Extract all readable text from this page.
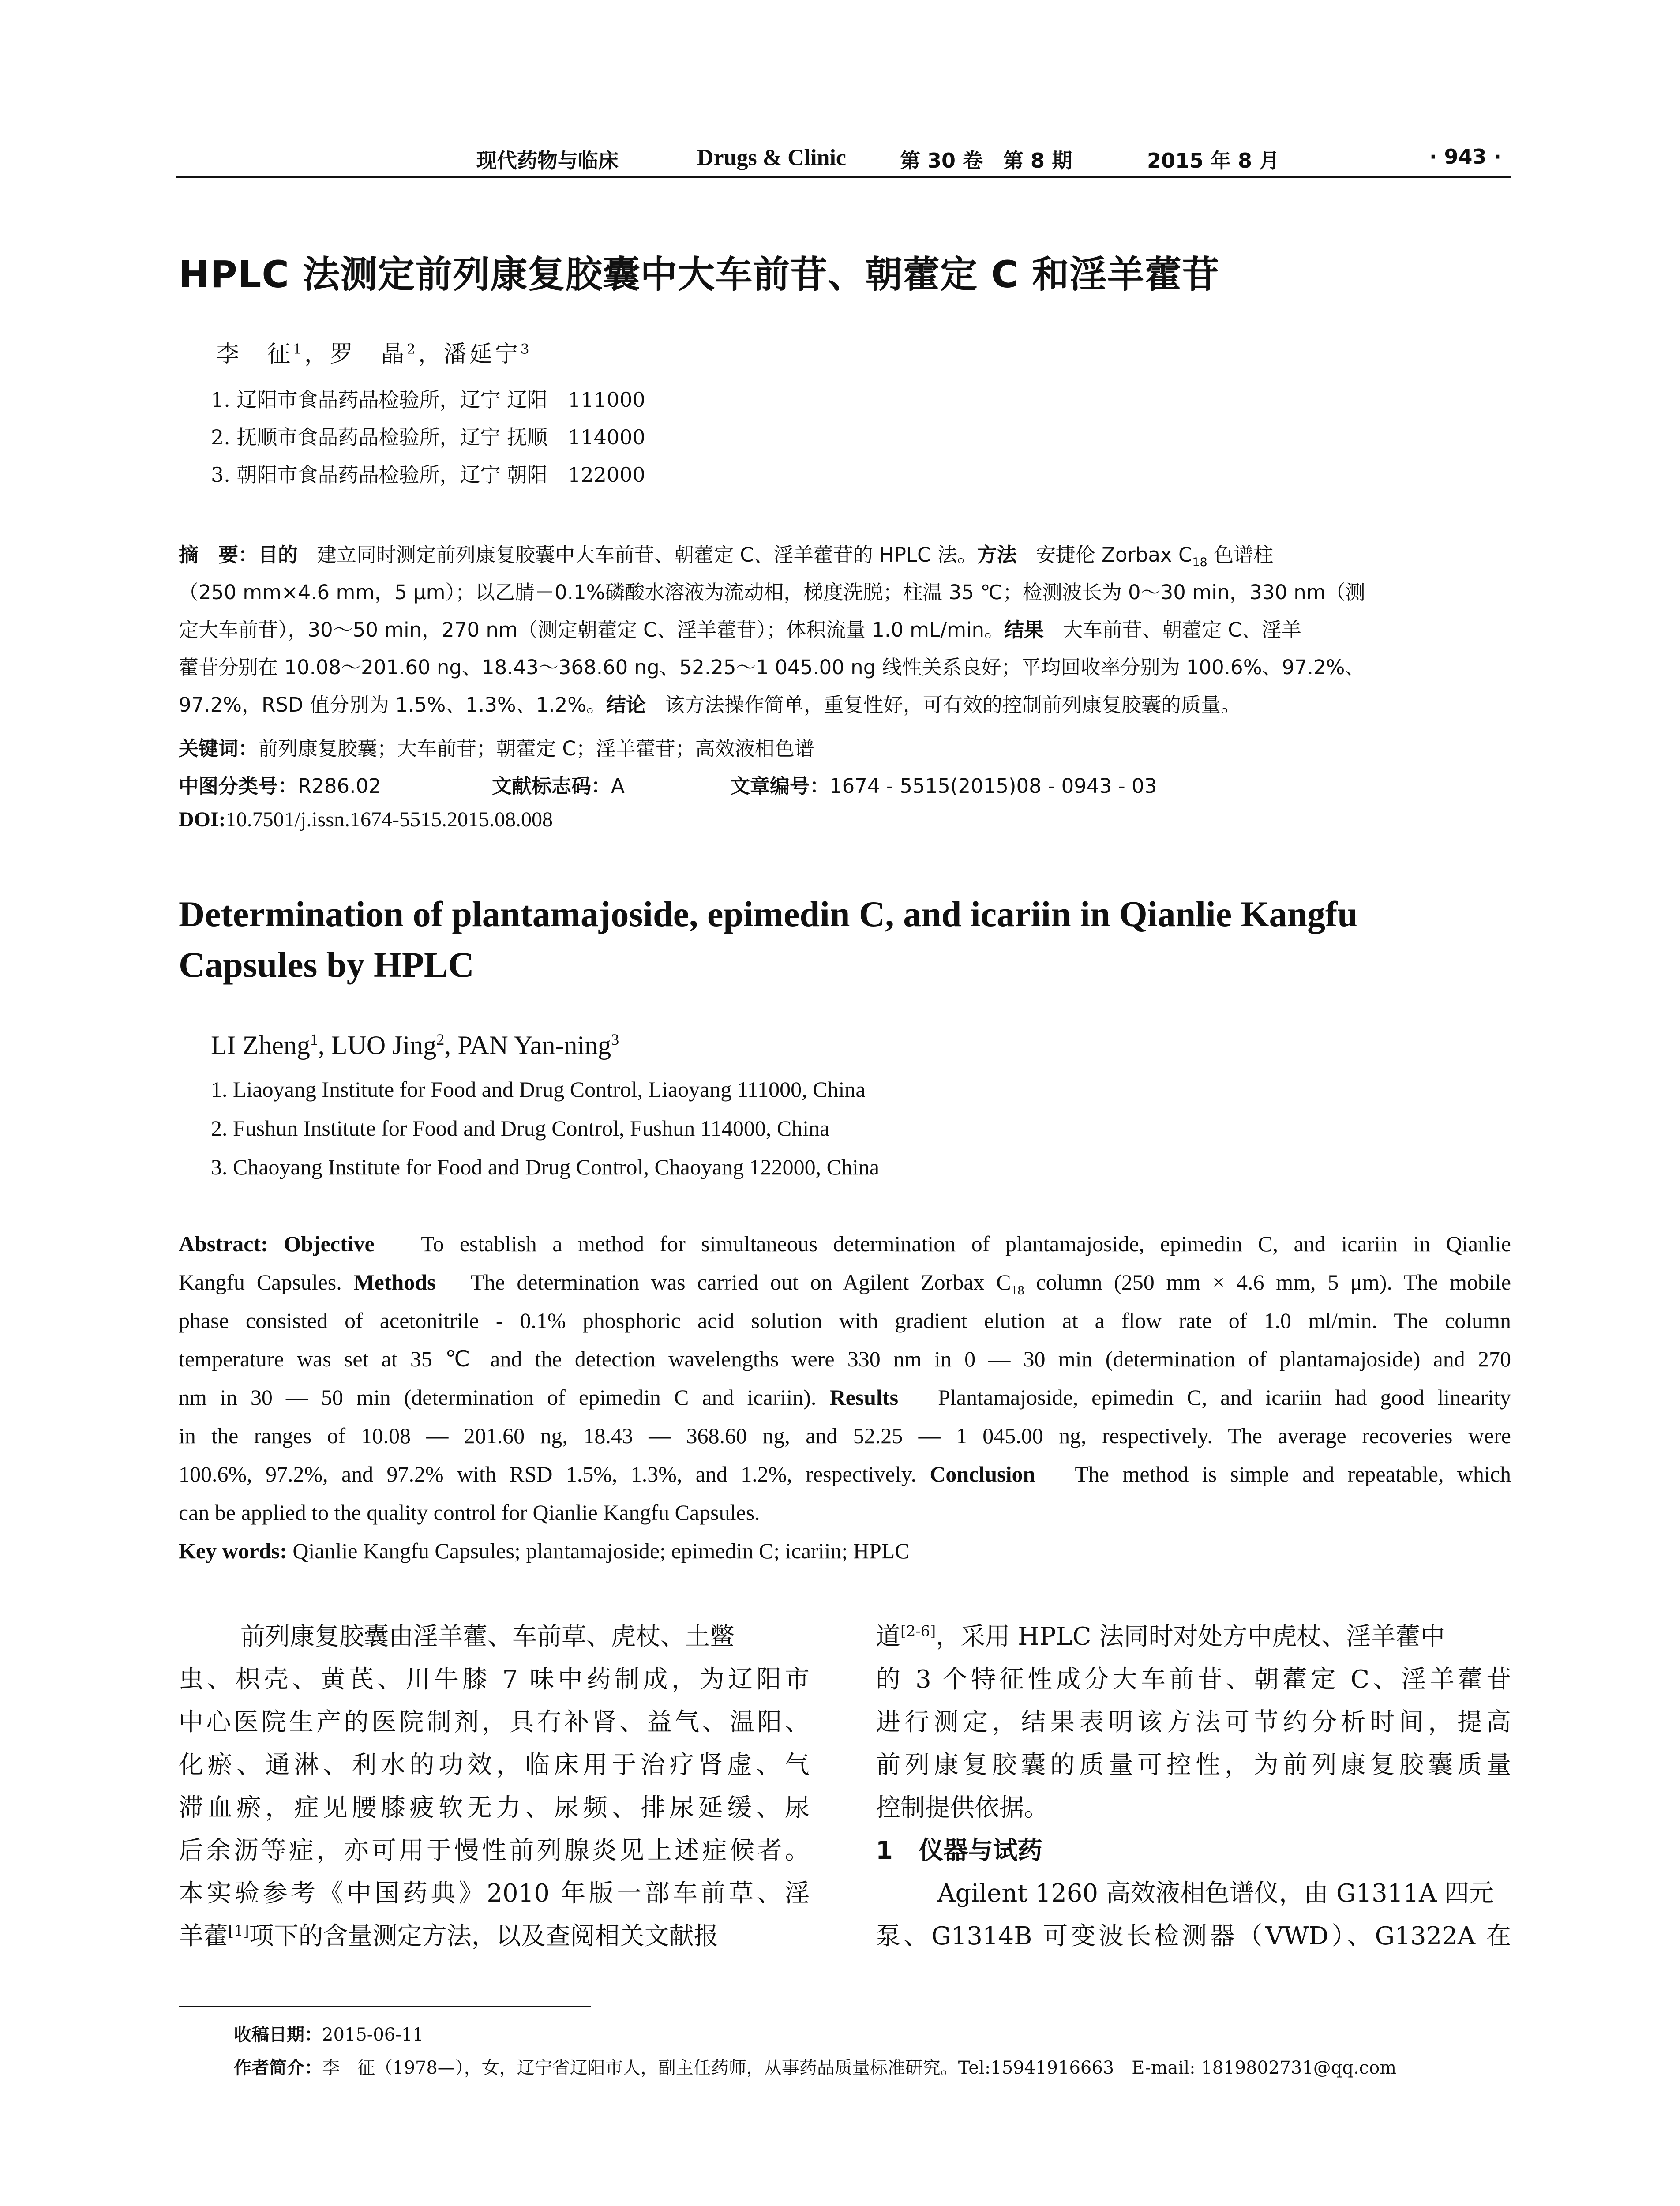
现代药物与临床	Drugs & Clinic	第 30 卷　第 8 期	2015 年 8 月	· 943 ·
HPLC 法测定前列康复胶囊中大车前苷、朝藿定 C 和淫羊藿苷
李　征$^1$，罗　晶$^2$，潘延宁$^3$
1. 辽阳市食品药品检验所，辽宁 辽阳　111000
2. 抚顺市食品药品检验所，辽宁 抚顺　114000
3. 朝阳市食品药品检验所，辽宁 朝阳　122000
摘　要：目的 建立同时测定前列康复胶囊中大车前苷、朝藿定 C、淫羊藿苷的 HPLC 法。方法 安捷伦 Zorbax $C_{18}$ 色谱柱
（250 mm×4.6 mm，5 μm）；以乙腈－0.1%磷酸水溶液为流动相，梯度洗脱；柱温 35 ℃；检测波长为 0～30 min，330 nm（测
定大车前苷），30～50 min，270 nm（测定朝藿定 C、淫羊藿苷）；体积流量 1.0 mL/min。结果 大车前苷、朝藿定 C、淫羊
藿苷分别在 10.08～201.60 ng、18.43～368.60 ng、52.25～1 045.00 ng 线性关系良好；平均回收率分别为 100.6%、97.2%、
97.2%，RSD 值分别为 1.5%、1.3%、1.2%。结论 该方法操作简单，重复性好，可有效的控制前列康复胶囊的质量。
关键词：前列康复胶囊；大车前苷；朝藿定 C；淫羊藿苷；高效液相色谱
中图分类号：R286.02	文献标志码：A	文章编号：1674 - 5515(2015)08 - 0943 - 03
DOI:10.7501/j.issn.1674-5515.2015.08.008
Determination of plantamajoside, epimedin C, and icariin in Qianlie Kangfu
Capsules by HPLC
LI Zheng$^1$, LUO Jing$^2$, PAN Yan-ning$^3$
1. Liaoyang Institute for Food and Drug Control, Liaoyang 111000, China
2. Fushun Institute for Food and Drug Control, Fushun 114000, China
3. Chaoyang Institute for Food and Drug Control, Chaoyang 122000, China
Abstract: Objective To establish a method for simultaneous determination of plantamajoside, epimedin C, and icariin in Qianlie
Kangfu Capsules. Methods The determination was carried out on Agilent Zorbax $C_{18}$ column (250 mm × 4.6 mm, 5 μm). The mobile
phase consisted of acetonitrile - 0.1% phosphoric acid solution with gradient elution at a flow rate of 1.0 ml/min. The column
temperature was set at 35 ℃ and the detection wavelengths were 330 nm in 0 — 30 min (determination of plantamajoside) and 270
nm in 30 — 50 min (determination of epimedin C and icariin). Results Plantamajoside, epimedin C, and icariin had good linearity
in the ranges of 10.08 — 201.60 ng, 18.43 — 368.60 ng, and 52.25 — 1 045.00 ng, respectively. The average recoveries were
100.6%, 97.2%, and 97.2% with RSD 1.5%, 1.3%, and 1.2%, respectively. Conclusion The method is simple and repeatable, which
can be applied to the quality control for Qianlie Kangfu Capsules.
Key words: Qianlie Kangfu Capsules; plantamajoside; epimedin C; icariin; HPLC
前列康复胶囊由淫羊藿、车前草、虎杖、土鳖
虫、枳壳、黄芪、川牛膝 7 味中药制成，为辽阳市
中心医院生产的医院制剂，具有补肾、益气、温阳、
化瘀、通淋、利水的功效，临床用于治疗肾虚、气
滞血瘀，症见腰膝疲软无力、尿频、排尿延缓、尿
后余沥等症，亦可用于慢性前列腺炎见上述症候者。
本实验参考《中国药典》2010 年版一部车前草、淫
羊藿[1]项下的含量测定方法，以及查阅相关文献报
道[2-6]，采用 HPLC 法同时对处方中虎杖、淫羊藿中
的 3 个特征性成分大车前苷、朝藿定 C、淫羊藿苷
进行测定，结果表明该方法可节约分析时间，提高
前列康复胶囊的质量可控性，为前列康复胶囊质量
控制提供依据。
1 仪器与试药
Agilent 1260 高效液相色谱仪，由 G1311A 四元
泵、G1314B 可变波长检测器（VWD）、G1322A 在
收稿日期：2015-06-11
作者简介：李　征（1978—），女，辽宁省辽阳市人，副主任药师，从事药品质量标准研究。Tel:15941916663　E-mail: 1819802731@qq.com
